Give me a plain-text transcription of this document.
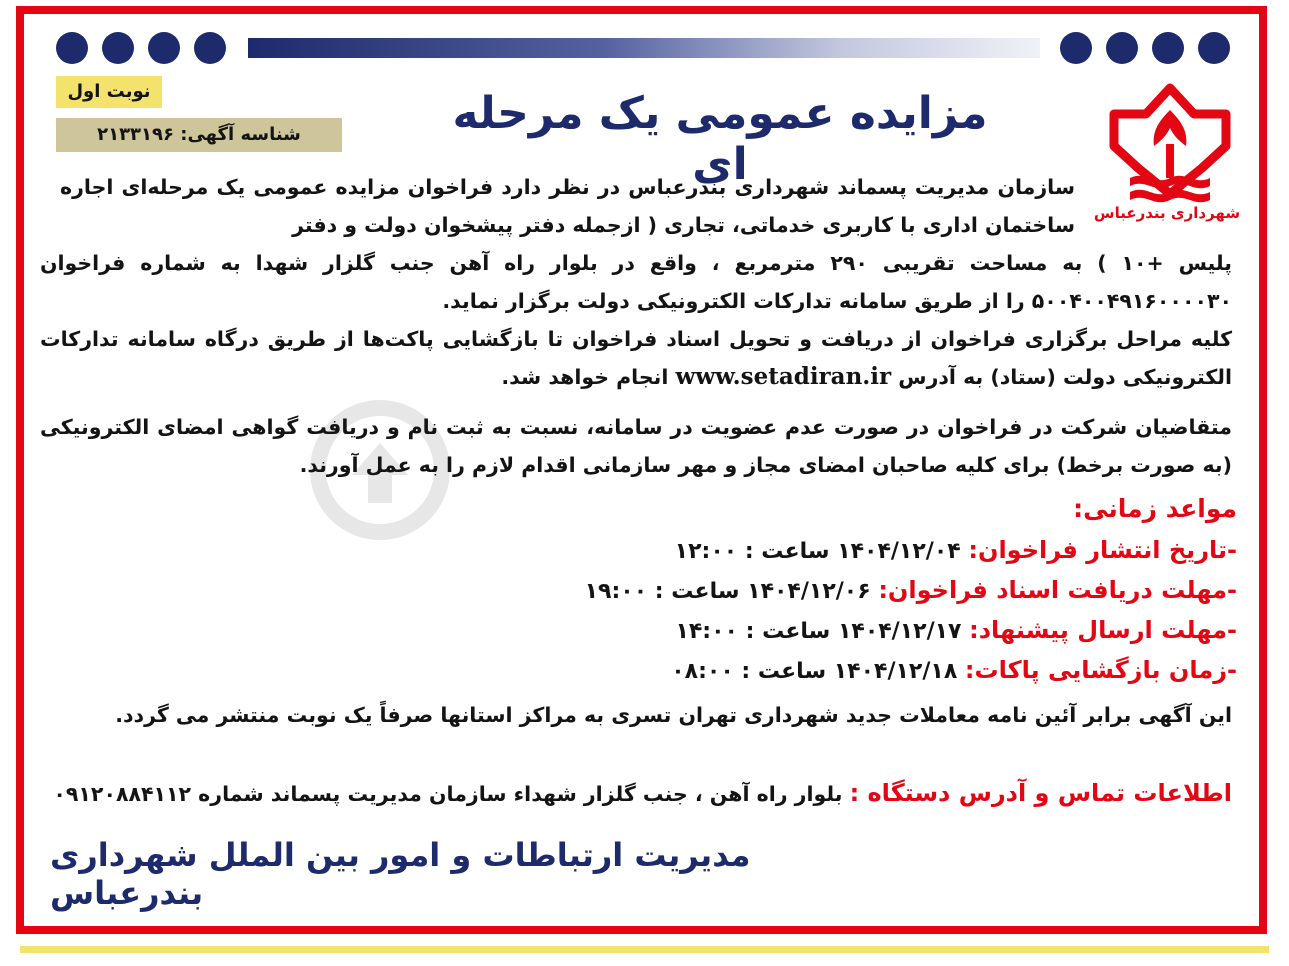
نوبت اول
شناسه آگهی: ۲۱۳۳۱۹۶	مزایده عمومی یک مرحله ای
شهرداری بندرعباس
سازمان مدیریت پسماند شهرداری بندرعباس در نظر دارد فراخوان مزایده عمومی یک مرحله‌ای اجاره ساختمان اداری با کاربری خدماتی، تجاری ( ازجمله دفتر پیشخوان دولت و دفتر
پلیس +۱۰ ) به مساحت تقریبی ۲۹۰ مترمربع ، واقع در بلوار راه آهن جنب گلزار شهدا به شماره فراخوان ۵۰۰۴۰۰۴۹۱۶۰۰۰۰۳۰ را از طریق سامانه تدارکات الکترونیکی دولت برگزار نماید.
کلیه مراحل برگزاری فراخوان از دریافت و تحویل اسناد فراخوان تا بازگشایی پاکت‌ها از طریق درگاه سامانه تدارکات الکترونیکی دولت (ستاد) به آدرس www.setadiran.ir انجام خواهد شد.
متقاضیان شرکت در فراخوان در صورت عدم عضویت در سامانه، نسبت به ثبت نام و دریافت گواهی امضای الکترونیکی (به صورت برخط) برای کلیه صاحبان امضای مجاز و مهر سازمانی اقدام لازم را به عمل آورند.
مواعد زمانی:
-تاریخ انتشار فراخوان: ۱۴۰۴/۱۲/۰۴ ساعت : ۱۲:۰۰
-مهلت دریافت اسناد فراخوان: ۱۴۰۴/۱۲/۰۶ ساعت : ۱۹:۰۰
-مهلت ارسال پیشنهاد: ۱۴۰۴/۱۲/۱۷ ساعت : ۱۴:۰۰
-زمان بازگشایی پاکات: ۱۴۰۴/۱۲/۱۸ ساعت : ۰۸:۰۰
این آگهی برابر آئین نامه معاملات جدید شهرداری تهران تسری به مراکز استانها صرفاً یک نوبت منتشر می گردد.
اطلاعات تماس و آدرس دستگاه : بلوار راه آهن ، جنب گلزار شهداء سازمان مدیریت پسماند شماره ۰۹۱۲۰۸۸۴۱۱۲
مدیریت ارتباطات و امور بین الملل شهرداری بندرعباس
